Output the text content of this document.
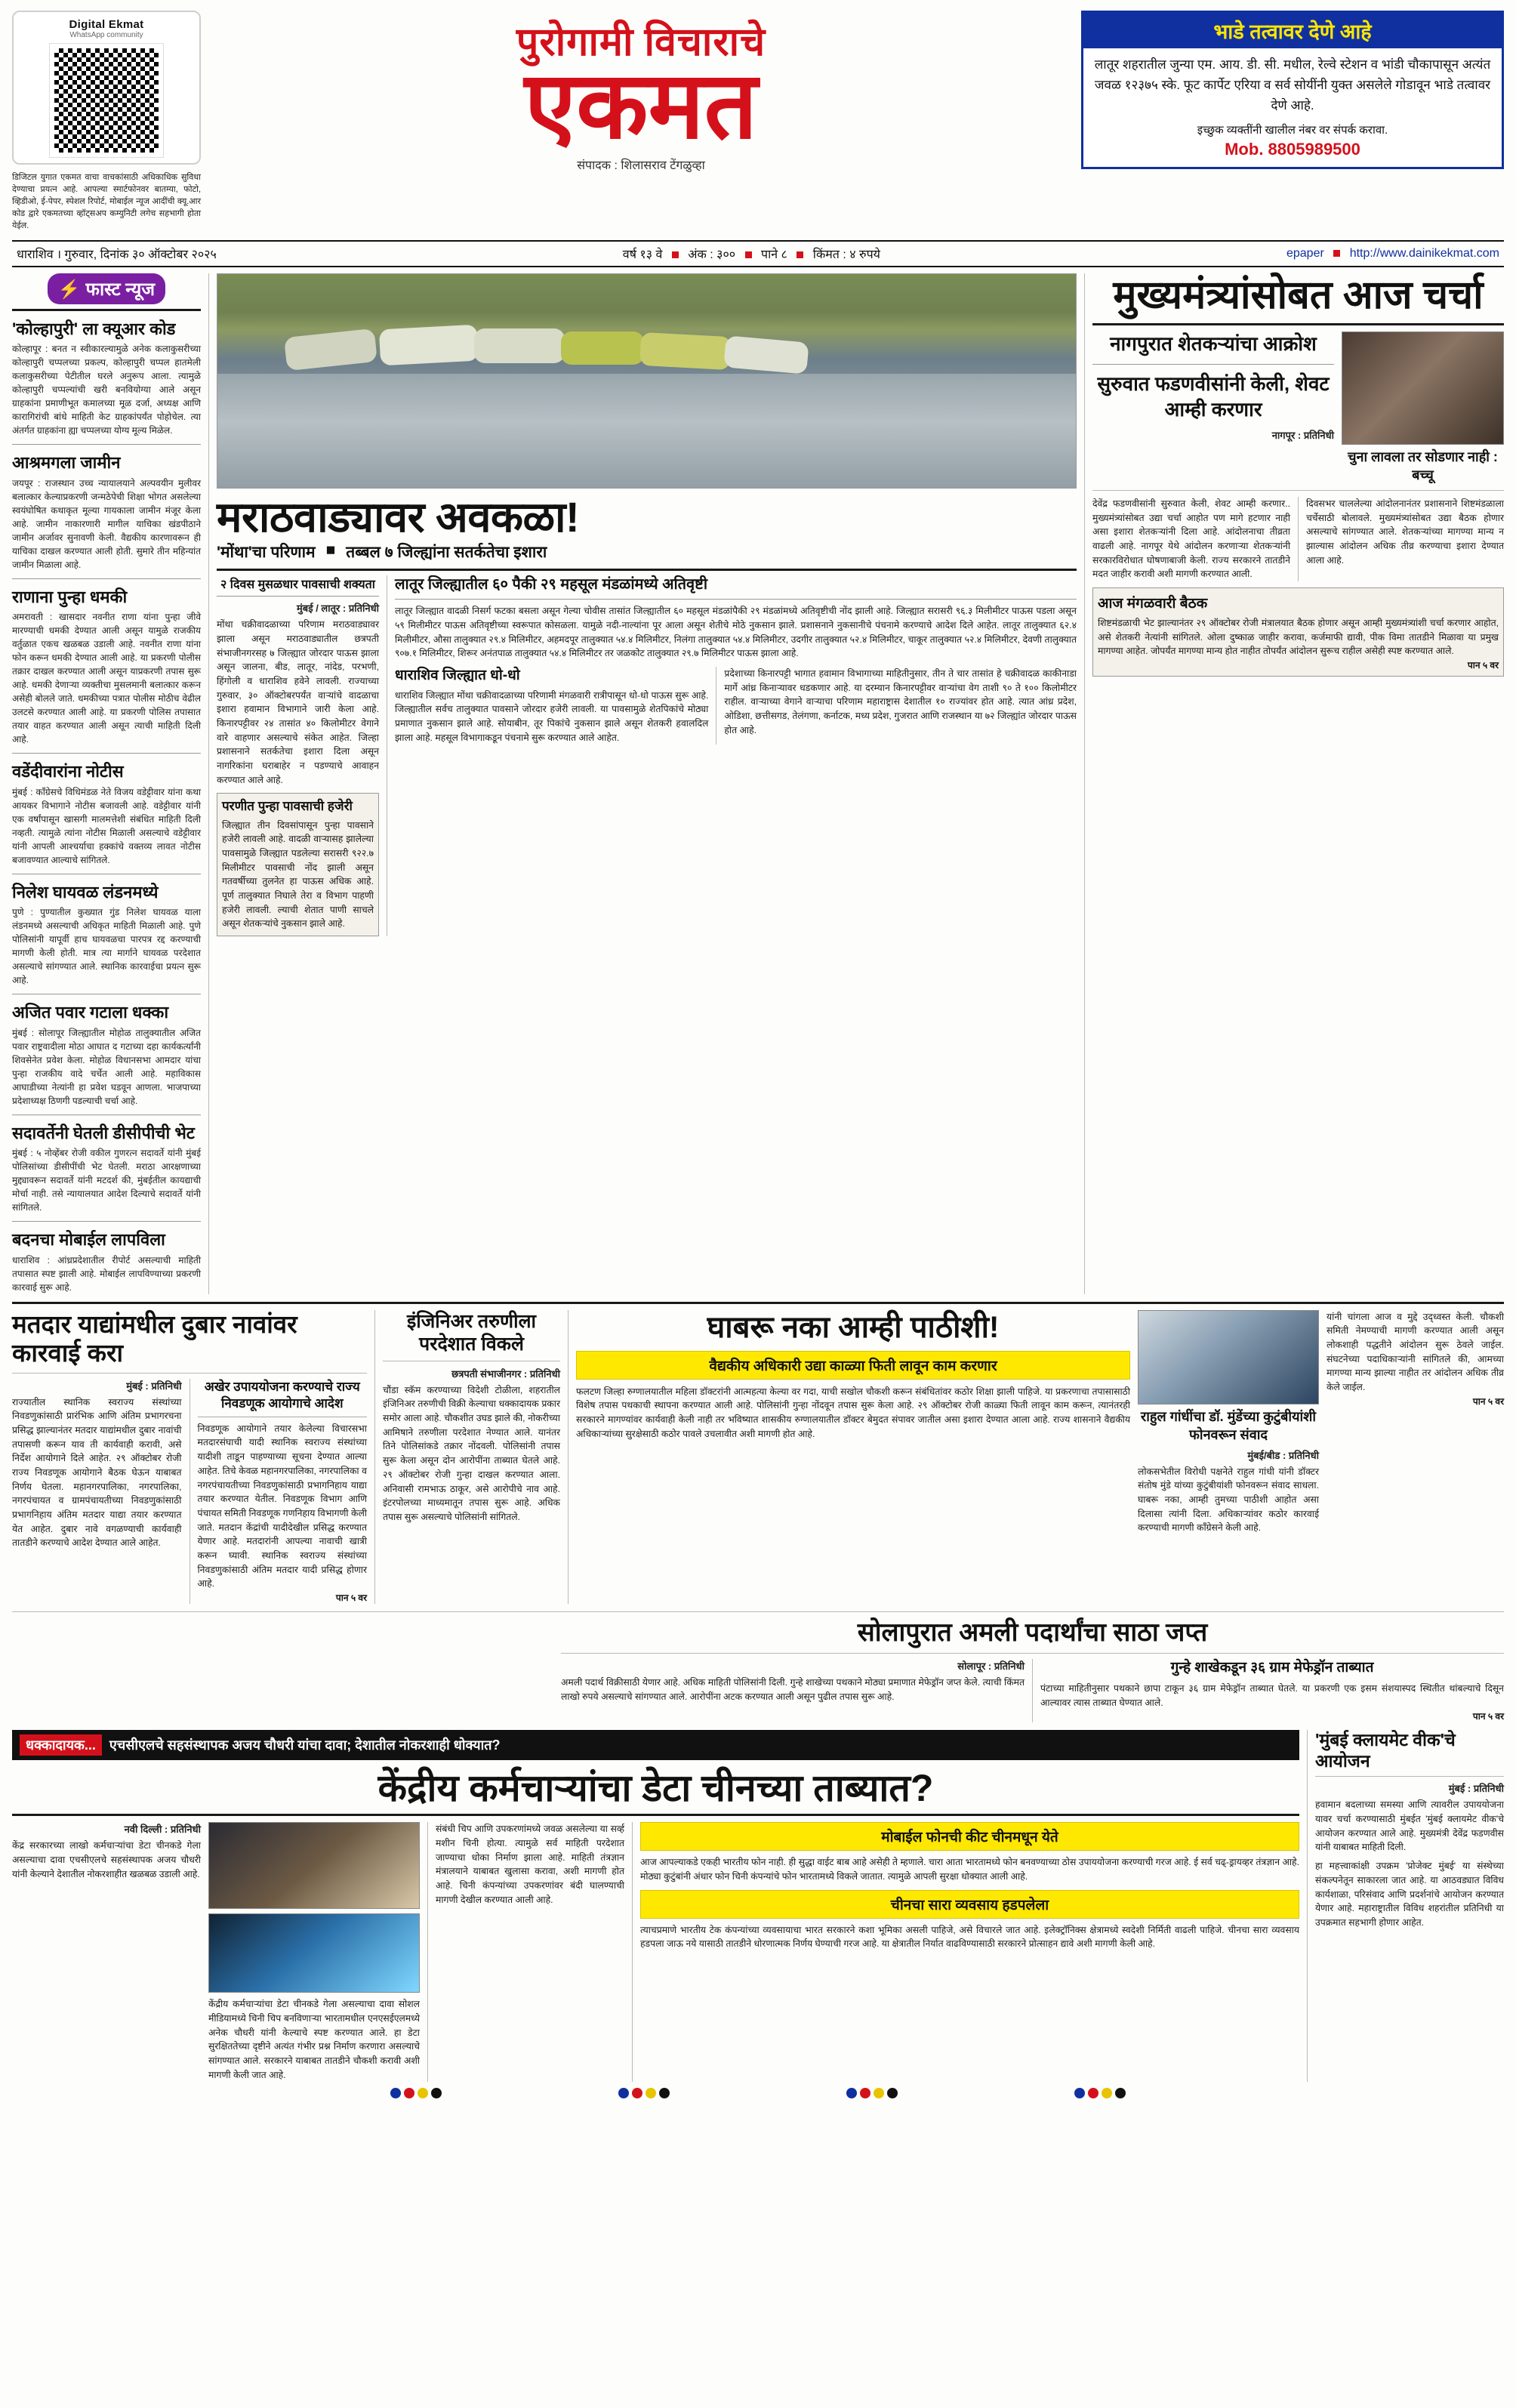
Digital Ekmat
WhatsApp community
डिजिटल युगात एकमत वाचा वाचकांसाठी अधिकाधिक सुविधा देण्याचा प्रयत्न आहे. आपल्या स्मार्टफोनवर बातम्या, फोटो, व्हिडीओ, ई-पेपर, स्पेशल रिपोर्ट, मोबाईल न्यूज आदींची क्यू.आर कोड द्वारे एकमतच्या व्हॉट्सअप कम्युनिटी लगेच सहभागी होता येईल.
पुरोगामी विचाराचे
एकमत
संपादक : शिलासराव टेंगळुव्हा
भाडे तत्वावर देणे आहे
लातूर शहरातील जुन्या एम. आय. डी. सी. मधील, रेल्वे स्टेशन व भांडी चौकापासून अत्यंत जवळ १२३७५ स्के. फूट कार्पेट एरिया व सर्व सोयींनी युक्त असलेले गोडावून भाडे तत्वावर देणे आहे.
इच्छुक व्यक्तींनी खालील नंबर वर संपर्क करावा.
Mob. 8805989500
धाराशिव । गुरुवार, दिनांक ३० ऑक्टोबर २०२५	वर्ष १३ वे अंक : ३०० पाने ८ किंमत : ४ रुपये	epaper http://www.dainikekmat.com
⚡ फास्ट न्यूज
'कोल्हापुरी' ला क्यूआर कोड
कोल्हापूर : बनत न स्वीकारल्यामुळे अनेक कलाकुसरीच्या कोल्हापुरी चप्पलच्या प्रकल्प, कोल्हापुरी चप्पल हातमेली कलाकुसरीच्या पेटीतील घरले अनुरूप आला. त्यामुळे कोल्हापुरी चप्पल्यांची खरी बनवियोग्या आले असून ग्राहकांना प्रमाणीभूत कमालच्या मूळ दर्जा, अध्यक्ष आणि कारागिरांची बांधे माहिती केट ग्राहकांपर्यंत पोहोचेल. त्या अंतर्गत ग्राहकांना ह्या चप्पलच्या योग्य मूल्य मिळेल.
आश्रमगला जामीन
जयपूर : राजस्थान उच्च न्यायालयाने अल्पवयीन मुलीवर बलात्कार केल्याप्रकरणी जन्मठेपेची शिक्षा भोगत असलेल्या स्वयंघोषित कथाकृत मूल्या गायकाला जामीन मंजूर केला आहे. जामीन नाकारणारी मागील याचिका खंडपीठाने जामीन अर्जावर सुनावणी केली. वैद्यकीय कारणावरून ही याचिका दाखल करण्यात आली होती. सुमारे तीन महिन्यांत जामीन मिळाला आहे.
राणाना पुन्हा धमकी
अमरावती : खासदार नवनीत राणा यांना पुन्हा जीवे मारण्याची धमकी देण्यात आली असून यामुळे राजकीय वर्तुळात एकच खळबळ उडाली आहे. नवनीत राणा यांना फोन करून धमकी देण्यात आली आहे. या प्रकरणी पोलीस तक्रार दाखल करण्यात आली असून याप्रकरणी तपास सुरू आहे. धमकी देणाऱ्या व्यक्तीचा मुसलमानी बलात्कार करून असेही बोलले जाते. धमकीच्या पत्रात पोलीस मोठीच वेढील उलटसे करण्यात आली आहे. या प्रकरणी पोलिस तपासात तयार वाहत करण्यात आली असून त्याची माहिती दिली आहे.
वडेंदीवारांना नोटीस
मुंबई : काँग्रेसचे विधिमंडळ नेते विजय वडेट्टीवार यांना कथा आयकर विभागाने नोटीस बजावली आहे. वडेट्टीवार यांनी एक वर्षांपासून खासगी मालमत्तेशी संबंधित माहिती दिली नव्हती. त्यामुळे त्यांना नोटीस मिळाली असल्याचे वडेट्टीवार यांनी आपली आश्चर्याचा हक्कांचे वक्तव्य लावत नोटीस बजावण्यात आल्याचे सांगितले.
निलेश घायवळ लंडनमध्ये
पुणे : पुण्यातील कुख्यात गुंड निलेश घायवळ याला लंडनमध्ये असल्याची अधिकृत माहिती मिळाली आहे. पुणे पोलिसांनी यापूर्वी हाच घायवळचा पारपत्र रद्द करण्याची मागणी केली होती. मात्र त्या मार्गाने घायवळ परदेशात असल्याचे सांगण्यात आले. स्थानिक कारवाईचा प्रयत्न सुरू आहे.
अजित पवार गटाला धक्का
मुंबई : सोलापूर जिल्ह्यातील मोहोळ तालुक्यातील अजित पवार राष्ट्रवादीला मोठा आघात द गटाच्या दहा कार्यकर्त्यांनी शिवसेनेत प्रवेश केला. मोहोळ विधानसभा आमदार यांचा पुन्हा राजकीय वादे चर्चेत आली आहे. महाविकास आघाडीच्या नेत्यांनी हा प्रवेश घडवून आणला. भाजपाच्या प्रदेशाध्यक्ष ठिणगी पडल्याची चर्चा आहे.
सदावर्तेनी घेतली डीसीपीची भेट
मुंबई : ५ नोव्हेंबर रोजी वकील गुणरत्न सदावर्ते यांनी मुंबई पोलिसांच्या डीसीपींची भेट घेतली. मराठा आरक्षणाच्या मुद्द्यावरून सदावर्ते यांनी मटदर्श की, मुंबईतील कायद्याची मोर्चा नाही. तसे न्यायालयात आदेश दिल्याचे सदावर्ते यांनी सांगितले.
बदनचा मोबाईल लापविला
धाराशिव : आंध्रप्रदेशातील रीपोर्ट असल्याची माहिती तपासात स्पष्ट झाली आहे. मोबाईल लापविण्याच्या प्रकरणी कारवाई सुरू आहे.
मराठवाड्यावर अवकळा!
'मोंथा'चा परिणाम ■ तब्बल ७ जिल्ह्यांना सतर्कतेचा इशारा
२ दिवस मुसळधार पावसाची शक्यता
मुंबई / लातूर : प्रतिनिधी
मोंथा चक्रीवादळाच्या परिणाम मराठवाड्यावर झाला असून मराठवाड्यातील छत्रपती संभाजीनगरसह ७ जिल्ह्यात जोरदार पाऊस झाला असून जालना, बीड, लातूर, नांदेड, परभणी, हिंगोली व धाराशिव हवेने लावली. राज्याच्या गुरुवार, ३० ऑक्टोबरपर्यंत वाऱ्यांचे वादळाचा इशारा हवामान विभागाने जारी केला आहे. किनारपट्टीवर २४ तासांत ४० किलोमीटर वेगाने वारे वाहणार असल्याचे संकेत आहेत. जिल्हा प्रशासनाने सतर्कतेचा इशारा दिला असून नागरिकांना घराबाहेर न पडण्याचे आवाहन करण्यात आले आहे.
परणीत पुन्हा पावसाची हजेरी
जिल्ह्यात तीन दिवसांपासून पुन्हा पावसाने हजेरी लावली आहे. वादळी वाऱ्यासह झालेल्या पावसामुळे जिल्ह्यात पडलेल्या सरासरी ९२२.७ मिलीमीटर पावसाची नोंद झाली असून गतवर्षीच्या तुलनेत हा पाऊस अधिक आहे. पूर्ण तालुक्यात निघाले तेरा व विभाग पाहणी हजेरी लावली. ल्याची शेतात पाणी साचले असून शेतकऱ्यांचे नुकसान झाले आहे.
लातूर जिल्ह्यातील ६० पैकी २९ महसूल मंडळांमध्ये अतिवृष्टी
लातूर जिल्ह्यात वादळी निसर्ग फटका बसला असून गेल्या चोवीस तासांत जिल्ह्यातील ६० महसूल मंडळांपैकी २९ मंडळांमध्ये अतिवृष्टीची नोंद झाली आहे. जिल्ह्यात सरासरी ९६.३ मिलीमीटर पाऊस पडला असून ५९ मिलीमीटर पाऊस अतिवृष्टीच्या स्वरूपात कोसळला. यामुळे नदी-नाल्यांना पूर आला असून शेतीचे मोठे नुकसान झाले. प्रशासनाने नुकसानीचे पंचनामे करण्याचे आदेश दिले आहेत. लातूर तालुक्यात ६२.४ मिलीमीटर, औसा तालुक्यात २९.४ मिलिमीटर, अहमदपूर तालुक्यात ५४.४ मिलिमीटर, निलंगा तालुक्यात ५४.४ मिलिमीटर, उदगीर तालुक्यात ५२.४ मिलिमीटर, चाकूर तालुक्यात ५२.४ मिलिमीटर, देवणी तालुक्यात ९०७.१ मिलिमीटर, शिरूर अनंतपाळ तालुक्यात ५४.४ मिलिमीटर तर जळकोट तालुक्यात २९.७ मिलिमीटर पाऊस झाला आहे.
धाराशिव जिल्ह्यात धो-धो
धाराशिव जिल्ह्यात मोंथा चक्रीवादळाच्या परिणामी मंगळवारी रात्रीपासून धो-धो पाऊस सुरू आहे. जिल्ह्यातील सर्वच तालुक्यात पावसाने जोरदार हजेरी लावली. या पावसामुळे शेतपिकांचे मोठ्या प्रमाणात नुकसान झाले आहे. सोयाबीन, तूर पिकांचे नुकसान झाले असून शेतकरी हवालदिल झाला आहे. महसूल विभागाकडून पंचनामे सुरू करण्यात आले आहेत.
प्रदेशाच्या किनारपट्टी भागात हवामान विभागाच्या माहितीनुसार, तीन ते चार तासांत हे चक्रीवादळ काकीनाडा मार्गे आंध्र किनाऱ्यावर धडकणार आहे. या दरम्यान किनारपट्टीवर वाऱ्यांचा वेग ताशी ९० ते १०० किलोमीटर राहील. वाऱ्याच्या वेगाने वाऱ्याचा परिणाम महाराष्ट्रास देशातील १० राज्यांवर होत आहे. त्यात आंध्र प्रदेश, ओडिशा, छत्तीसगड, तेलंगणा, कर्नाटक, मध्य प्रदेश, गुजरात आणि राजस्थान या ७२ जिल्ह्यांत जोरदार पाऊस होत आहे.
मुख्यमंत्र्यांसोबत आज चर्चा
नागपुरात शेतकऱ्यांचा आक्रोश
सुरुवात फडणवीसांनी केली, शेवट आम्ही करणार
नागपूर : प्रतिनिधी
चुना लावला तर सोडणार नाही : बच्चू
देवेंद्र फडणवीसांनी सुरुवात केली, शेवट आम्ही करणार.. मुख्यमंत्र्यांसोबत उद्या चर्चा आहोत पण मागे हटणार नाही असा इशारा शेतकऱ्यांनी दिला आहे. आंदोलनाचा तीव्रता वाढली आहे. नागपूर येथे आंदोलन करणाऱ्या शेतकऱ्यांनी सरकारविरोधात घोषणाबाजी केली. राज्य सरकारने तातडीने मदत जाहीर करावी अशी मागणी करण्यात आली.
दिवसभर चाललेल्या आंदोलनानंतर प्रशासनाने शिष्टमंडळाला चर्चेसाठी बोलावले. मुख्यमंत्र्यांसोबत उद्या बैठक होणार असल्याचे सांगण्यात आले. शेतकऱ्यांच्या मागण्या मान्य न झाल्यास आंदोलन अधिक तीव्र करण्याचा इशारा देण्यात आला आहे.
आज मंगळवारी बैठक
शिष्टमंडळाची भेट झाल्यानंतर २९ ऑक्टोबर रोजी मंत्रालयात बैठक होणार असून आम्ही मुख्यमंत्र्यांशी चर्चा करणार आहोत, असे शेतकरी नेत्यांनी सांगितले. ओला दुष्काळ जाहीर करावा, कर्जमाफी द्यावी, पीक विमा तातडीने मिळावा या प्रमुख मागण्या आहेत. जोपर्यंत मागण्या मान्य होत नाहीत तोपर्यंत आंदोलन सुरूच राहील असेही स्पष्ट करण्यात आले.
पान ५ वर
मतदार याद्यांमधील दुबार नावांवर कारवाई करा
मुंबई : प्रतिनिधी
राज्यातील स्थानिक स्वराज्य संस्थांच्या निवडणुकांसाठी प्रारंभिक आणि अंतिम प्रभागरचना प्रसिद्ध झाल्यानंतर मतदार याद्यांमधील दुबार नावांची तपासणी करून याव ती कार्यवाही करावी, असे निर्देश आयोगाने दिले आहेत. २९ ऑक्टोबर रोजी राज्य निवडणूक आयोगाने बैठक घेऊन याबाबत निर्णय घेतला. महानगरपालिका, नगरपालिका, नगरपंचायत व ग्रामपंचायतीच्या निवडणुकांसाठी प्रभागनिहाय अंतिम मतदार याद्या तयार करण्यात येत आहेत. दुबार नावे वगळण्याची कार्यवाही तातडीने करण्याचे आदेश देण्यात आले आहेत.
अखेर उपाययोजना करण्याचे राज्य निवडणूक आयोगाचे आदेश
निवडणूक आयोगाने तयार केलेल्या विचारसभा मतदारसंघाची यादी स्थानिक स्वराज्य संस्थांच्या यादीशी ताडून पाहण्याच्या सूचना देण्यात आल्या आहेत. तिचे केवळ महानगरपालिका, नगरपालिका व नगरपंचायतीच्या निवडणुकांसाठी प्रभागनिहाय याद्या तयार करण्यात येतील. निवडणूक विभाग आणि पंचायत समिती निवडणूक गणनिहाय विभागणी केली जाते. मतदान केंद्रांची यादीदेखील प्रसिद्ध करण्यात येणार आहे. मतदारांनी आपल्या नावाची खात्री करून घ्यावी. स्थानिक स्वराज्य संस्थांच्या निवडणुकांसाठी अंतिम मतदार यादी प्रसिद्ध होणार आहे.
पान ५ वर
इंजिनिअर तरुणीला परदेशात विकले
छत्रपती संभाजीनगर : प्रतिनिधी
चौंडा स्कॅम करण्याच्या विदेशी टोळीला, शहरातील इंजिनिअर तरुणीची विक्री केल्याचा धक्कादायक प्रकार समोर आला आहे. चौकशीत उघड झाले की, नोकरीच्या आमिषाने तरुणीला परदेशात नेण्यात आले. यानंतर तिने पोलिसांकडे तक्रार नोंदवली. पोलिसांनी तपास सुरू केला असून दोन आरोपींना ताब्यात घेतले आहे. २९ ऑक्टोबर रोजी गुन्हा दाखल करण्यात आला. अनिवासी रामभाऊ ठाकूर, असे आरोपीचे नाव आहे. इंटरपोलच्या माध्यमातून तपास सुरू आहे. अधिक तपास सुरू असल्याचे पोलिसांनी सांगितले.
घाबरू नका आम्ही पाठीशी!
वैद्यकीय अधिकारी उद्या काळ्या फिती लावून काम करणार
फलटण जिल्हा रुग्णालयातील महिला डॉक्टरांनी आत्महत्या केल्या वर गदा, याची सखोल चौकशी करून संबंधितांवर कठोर शिक्षा झाली पाहिजे. या प्रकरणाचा तपासासाठी विशेष तपास पथकाची स्थापना करण्यात आली आहे. पोलिसांनी गुन्हा नोंदवून तपास सुरू केला आहे. २९ ऑक्टोबर रोजी काळ्या फिती लावून काम करून, त्यानंतरही सरकारने मागण्यांवर कार्यवाही केली नाही तर भविष्यात शासकीय रुग्णालयातील डॉक्टर बेमुदत संपावर जातील असा इशारा देण्यात आला आहे. राज्य शासनाने वैद्यकीय अधिकाऱ्यांच्या सुरक्षेसाठी कठोर पावले उचलावीत अशी मागणी होत आहे.
राहुल गांधींचा डॉ. मुंडेंच्या कुटुंबीयांशी फोनवरून संवाद
मुंबई/बीड : प्रतिनिधी
लोकसभेतील विरोधी पक्षनेते राहुल गांधी यांनी डॉक्टर संतोष मुंडे यांच्या कुटुंबीयांशी फोनवरून संवाद साधला. घाबरू नका, आम्ही तुमच्या पाठीशी आहोत असा दिलासा त्यांनी दिला. अधिकाऱ्यांवर कठोर कारवाई करण्याची मागणी काँग्रेसने केली आहे.
यांनी चांगला आज व मुद्दे उद्ध्वस्त केली. चौकशी समिती नेमण्याची मागणी करण्यात आली असून लोकशाही पद्धतीने आंदोलन सुरू ठेवले जाईल. संघटनेच्या पदाधिकाऱ्यांनी सांगितले की, आमच्या मागण्या मान्य झाल्या नाहीत तर आंदोलन अधिक तीव्र केले जाईल.
पान ५ वर
सोलापुरात अमली पदार्थांचा साठा जप्त
सोलापूर : प्रतिनिधी
अमली पदार्थ विक्रीसाठी येणार आहे. अधिक माहिती पोलिसांनी दिली. गुन्हे शाखेच्या पथकाने मोठ्या प्रमाणात मेफेड्रॉन जप्त केले. त्याची किंमत लाखो रुपये असल्याचे सांगण्यात आले. आरोपींना अटक करण्यात आली असून पुढील तपास सुरू आहे.
गुन्हे शाखेकडून ३६ ग्राम मेफेड्रॉन ताब्यात
पंटाच्या माहितीनुसार पथकाने छापा टाकून ३६ ग्राम मेफेड्रॉन ताब्यात घेतले. या प्रकरणी एक इसम संशयास्पद स्थितीत थांबल्याचे दिसून आल्यावर त्यास ताब्यात घेण्यात आले.
पान ५ वर
धक्कादायक...	एचसीएलचे सहसंस्थापक अजय चौधरी यांचा दावा; देशातील नोकरशाही धोक्यात?
केंद्रीय कर्मचाऱ्यांचा डेटा चीनच्या ताब्यात?
नवी दिल्ली : प्रतिनिधी
केंद्र सरकारच्या लाखो कर्मचाऱ्यांचा डेटा चीनकडे गेला असल्याचा दावा एचसीएलचे सहसंस्थापक अजय चौधरी यांनी केल्याने देशातील नोकरशाहीत खळबळ उडाली आहे.
केंद्रीय कर्मचाऱ्यांचा डेटा चीनकडे गेला असल्याचा दावा सोशल मीडियामध्ये चिनी चिप बनविणाऱ्या भारतामधील एनएसईएलमध्ये अनेक चौधरी यांनी केल्याचे स्पष्ट करण्यात आले. हा डेटा सुरक्षिततेच्या दृष्टीने अत्यंत गंभीर प्रश्न निर्माण करणारा असल्याचे सांगण्यात आले. सरकारने याबाबत तातडीने चौकशी करावी अशी मागणी केली जात आहे.
संबंधी चिप आणि उपकरणांमध्ये जवळ असलेल्या या सर्व्ह मशीन चिनी होत्या. त्यामुळे सर्व माहिती परदेशात जाण्याचा धोका निर्माण झाला आहे. माहिती तंत्रज्ञान मंत्रालयाने याबाबत खुलासा करावा, अशी मागणी होत आहे. चिनी कंपन्यांच्या उपकरणांवर बंदी घालण्याची मागणी देखील करण्यात आली आहे.
मोबाईल फोनची कीट चीनमधून येते
आज आपल्याकडे एकही भारतीय फोन नाही. ही सुद्धा वाईट बाब आहे असेही ते म्हणाले. चारा आता भारतामध्ये फोन बनवण्याच्या ठोस उपाययोजना करण्याची गरज आहे. ई सर्व चढ्-ड्रायव्हर तंत्रज्ञान आहे. मोठ्या कुटुंबांनी अंधार फोन चिनी कंपन्यांचे फोन भारतामध्ये विकले जातात. त्यामुळे आपली सुरक्षा धोक्यात आली आहे.
चीनचा सारा व्यवसाय हडपलेला
त्याचप्रमाणे भारतीय टेक कंपन्यांच्या व्यवसायाचा भारत सरकारने कशा भूमिका असली पाहिजे, असे विचारले जात आहे. इलेक्ट्रॉनिक्स क्षेत्रामध्ये स्वदेशी निर्मिती वाढली पाहिजे. चीनचा सारा व्यवसाय हडपला जाऊ नये यासाठी तातडीने धोरणात्मक निर्णय घेण्याची गरज आहे. या क्षेत्रातील निर्यात वाढविण्यासाठी सरकारने प्रोत्साहन द्यावे अशी मागणी केली आहे.
'मुंबई क्लायमेट वीक'चे आयोजन
मुंबई : प्रतिनिधी
हवामान बदलाच्या समस्या आणि त्यावरील उपाययोजना यावर चर्चा करण्यासाठी मुंबईत 'मुंबई क्लायमेट वीक'चे आयोजन करण्यात आले आहे. मुख्यमंत्री देवेंद्र फडणवीस यांनी याबाबत माहिती दिली.
हा महत्त्वाकांक्षी उपक्रम 'प्रोजेक्ट मुंबई' या संस्थेच्या संकल्पनेतून साकारला जात आहे. या आठवड्यात विविध कार्यशाळा, परिसंवाद आणि प्रदर्शनांचे आयोजन करण्यात येणार आहे. महाराष्ट्रातील विविध शहरांतील प्रतिनिधी या उपक्रमात सहभागी होणार आहेत.
